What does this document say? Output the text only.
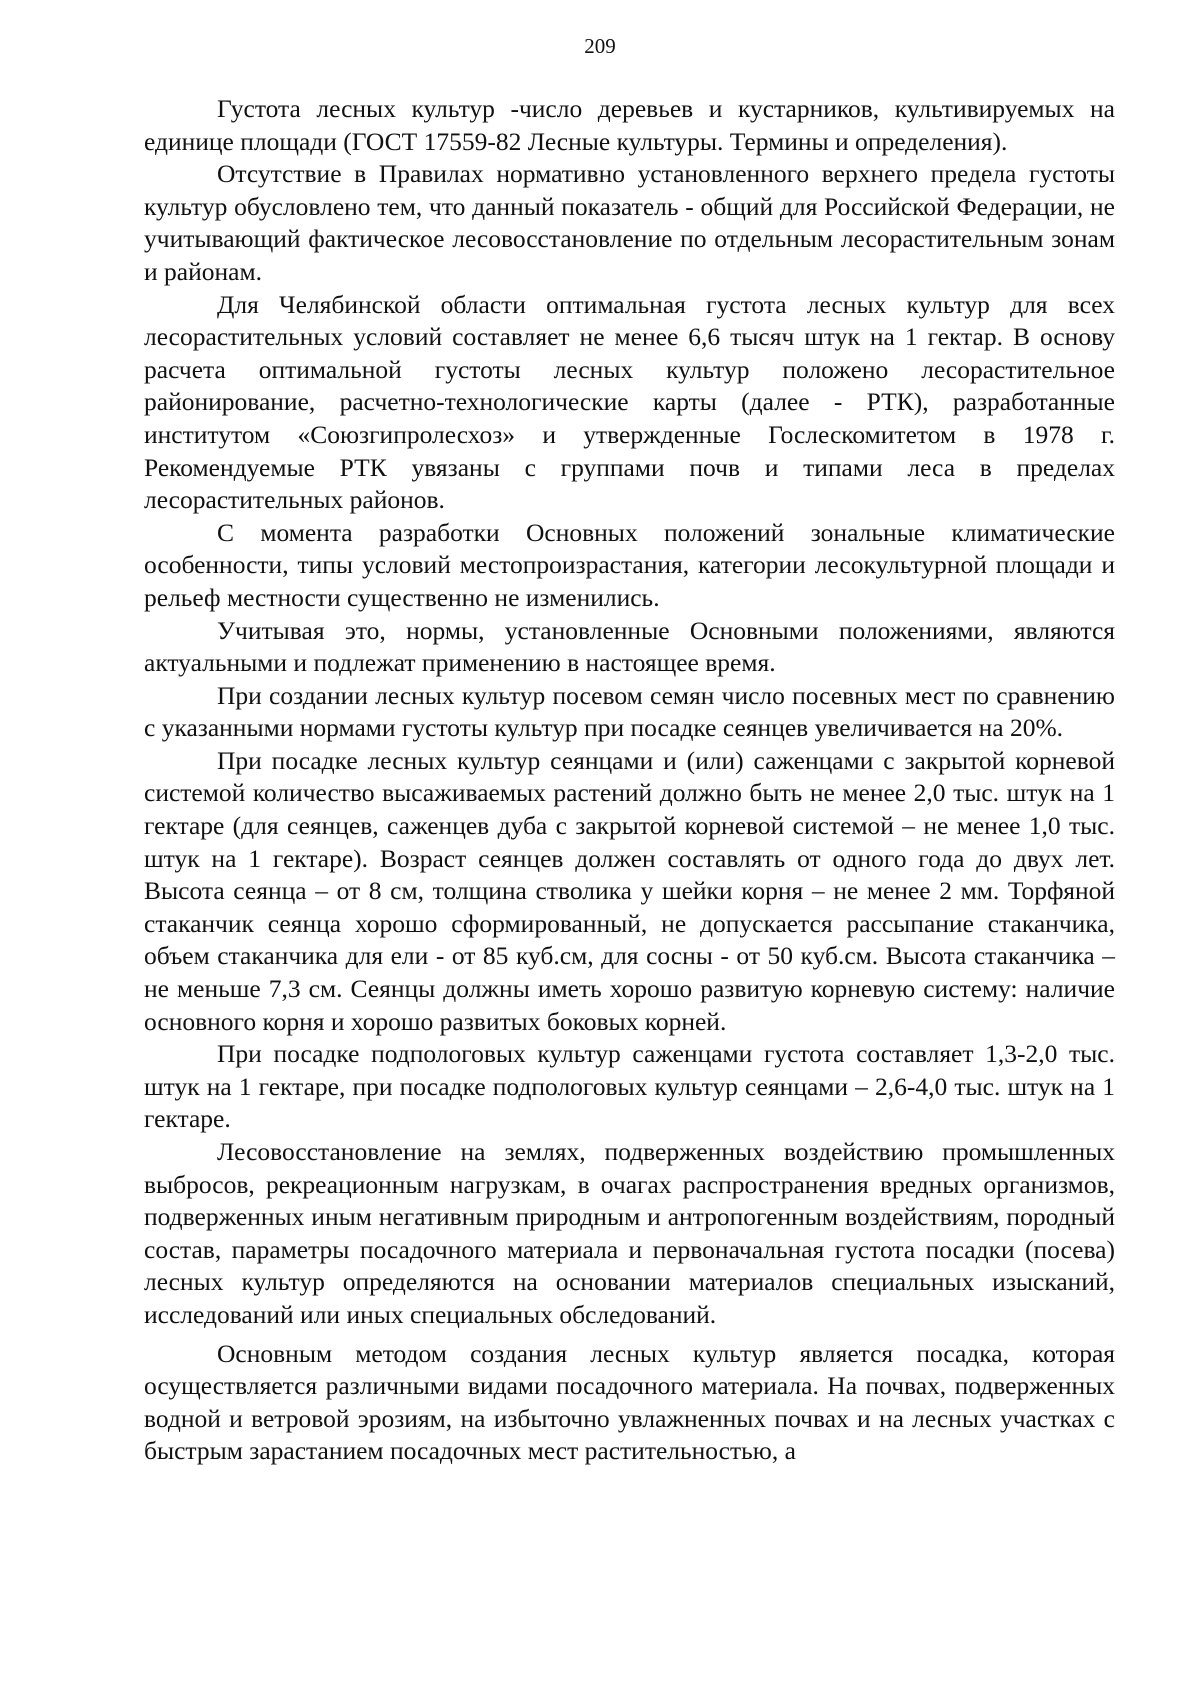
209

Густота лесных культур -число деревьев и кустарников, культивируемых на единице площади (ГОСТ 17559-82 Лесные культуры. Термины и определения).

Отсутствие в Правилах нормативно установленного верхнего предела густоты культур обусловлено тем, что данный показатель - общий для Российской Федерации, не учитывающий фактическое лесовосстановление по отдельным лесорастительным зонам и районам.

Для Челябинской области оптимальная густота лесных культур для всех лесорастительных условий составляет не менее 6,6 тысяч штук на 1 гектар. В основу расчета оптимальной густоты лесных культур положено лесорастительное районирование, расчетно-технологические карты (далее - РТК), разработанные институтом «Союзгипролесхоз» и утвержденные Гослескомитетом в 1978 г. Рекомендуемые РТК увязаны с группами почв и типами леса в пределах лесорастительных районов.

С момента разработки Основных положений зональные климатические особенности, типы условий местопроизрастания, категории лесокультурной площади и рельеф местности существенно не изменились.

Учитывая это, нормы, установленные Основными положениями, являются актуальными и подлежат применению в настоящее время.

При создании лесных культур посевом семян число посевных мест по сравнению с указанными нормами густоты культур при посадке сеянцев увеличивается на 20%.

При посадке лесных культур сеянцами и (или) саженцами с закрытой корневой системой количество высаживаемых растений должно быть не менее 2,0 тыс. штук на 1 гектаре (для сеянцев, саженцев дуба с закрытой корневой системой – не менее 1,0 тыс. штук на 1 гектаре). Возраст сеянцев должен составлять от одного года до двух лет. Высота сеянца – от 8 см, толщина стволика у шейки корня – не менее 2 мм. Торфяной стаканчик сеянца хорошо сформированный, не допускается рассыпание стаканчика, объем стаканчика для ели - от 85 куб.см, для сосны - от 50 куб.см. Высота стаканчика – не меньше 7,3 см. Сеянцы должны иметь хорошо развитую корневую систему: наличие основного корня и хорошо развитых боковых корней.

При посадке подпологовых культур саженцами густота составляет 1,3-2,0 тыс. штук на 1 гектаре, при посадке подпологовых культур сеянцами – 2,6-4,0 тыс. штук на 1 гектаре.

Лесовосстановление на землях, подверженных воздействию промышленных выбросов, рекреационным нагрузкам, в очагах распространения вредных организмов, подверженных иным негативным природным и антропогенным воздействиям, породный состав, параметры посадочного материала и первоначальная густота посадки (посева) лесных культур определяются на основании материалов специальных изысканий, исследований или иных специальных обследований.

Основным методом создания лесных культур является посадка, которая осуществляется различными видами посадочного материала. На почвах, подверженных водной и ветровой эрозиям, на избыточно увлажненных почвах и на лесных участках с быстрым зарастанием посадочных мест растительностью, а
